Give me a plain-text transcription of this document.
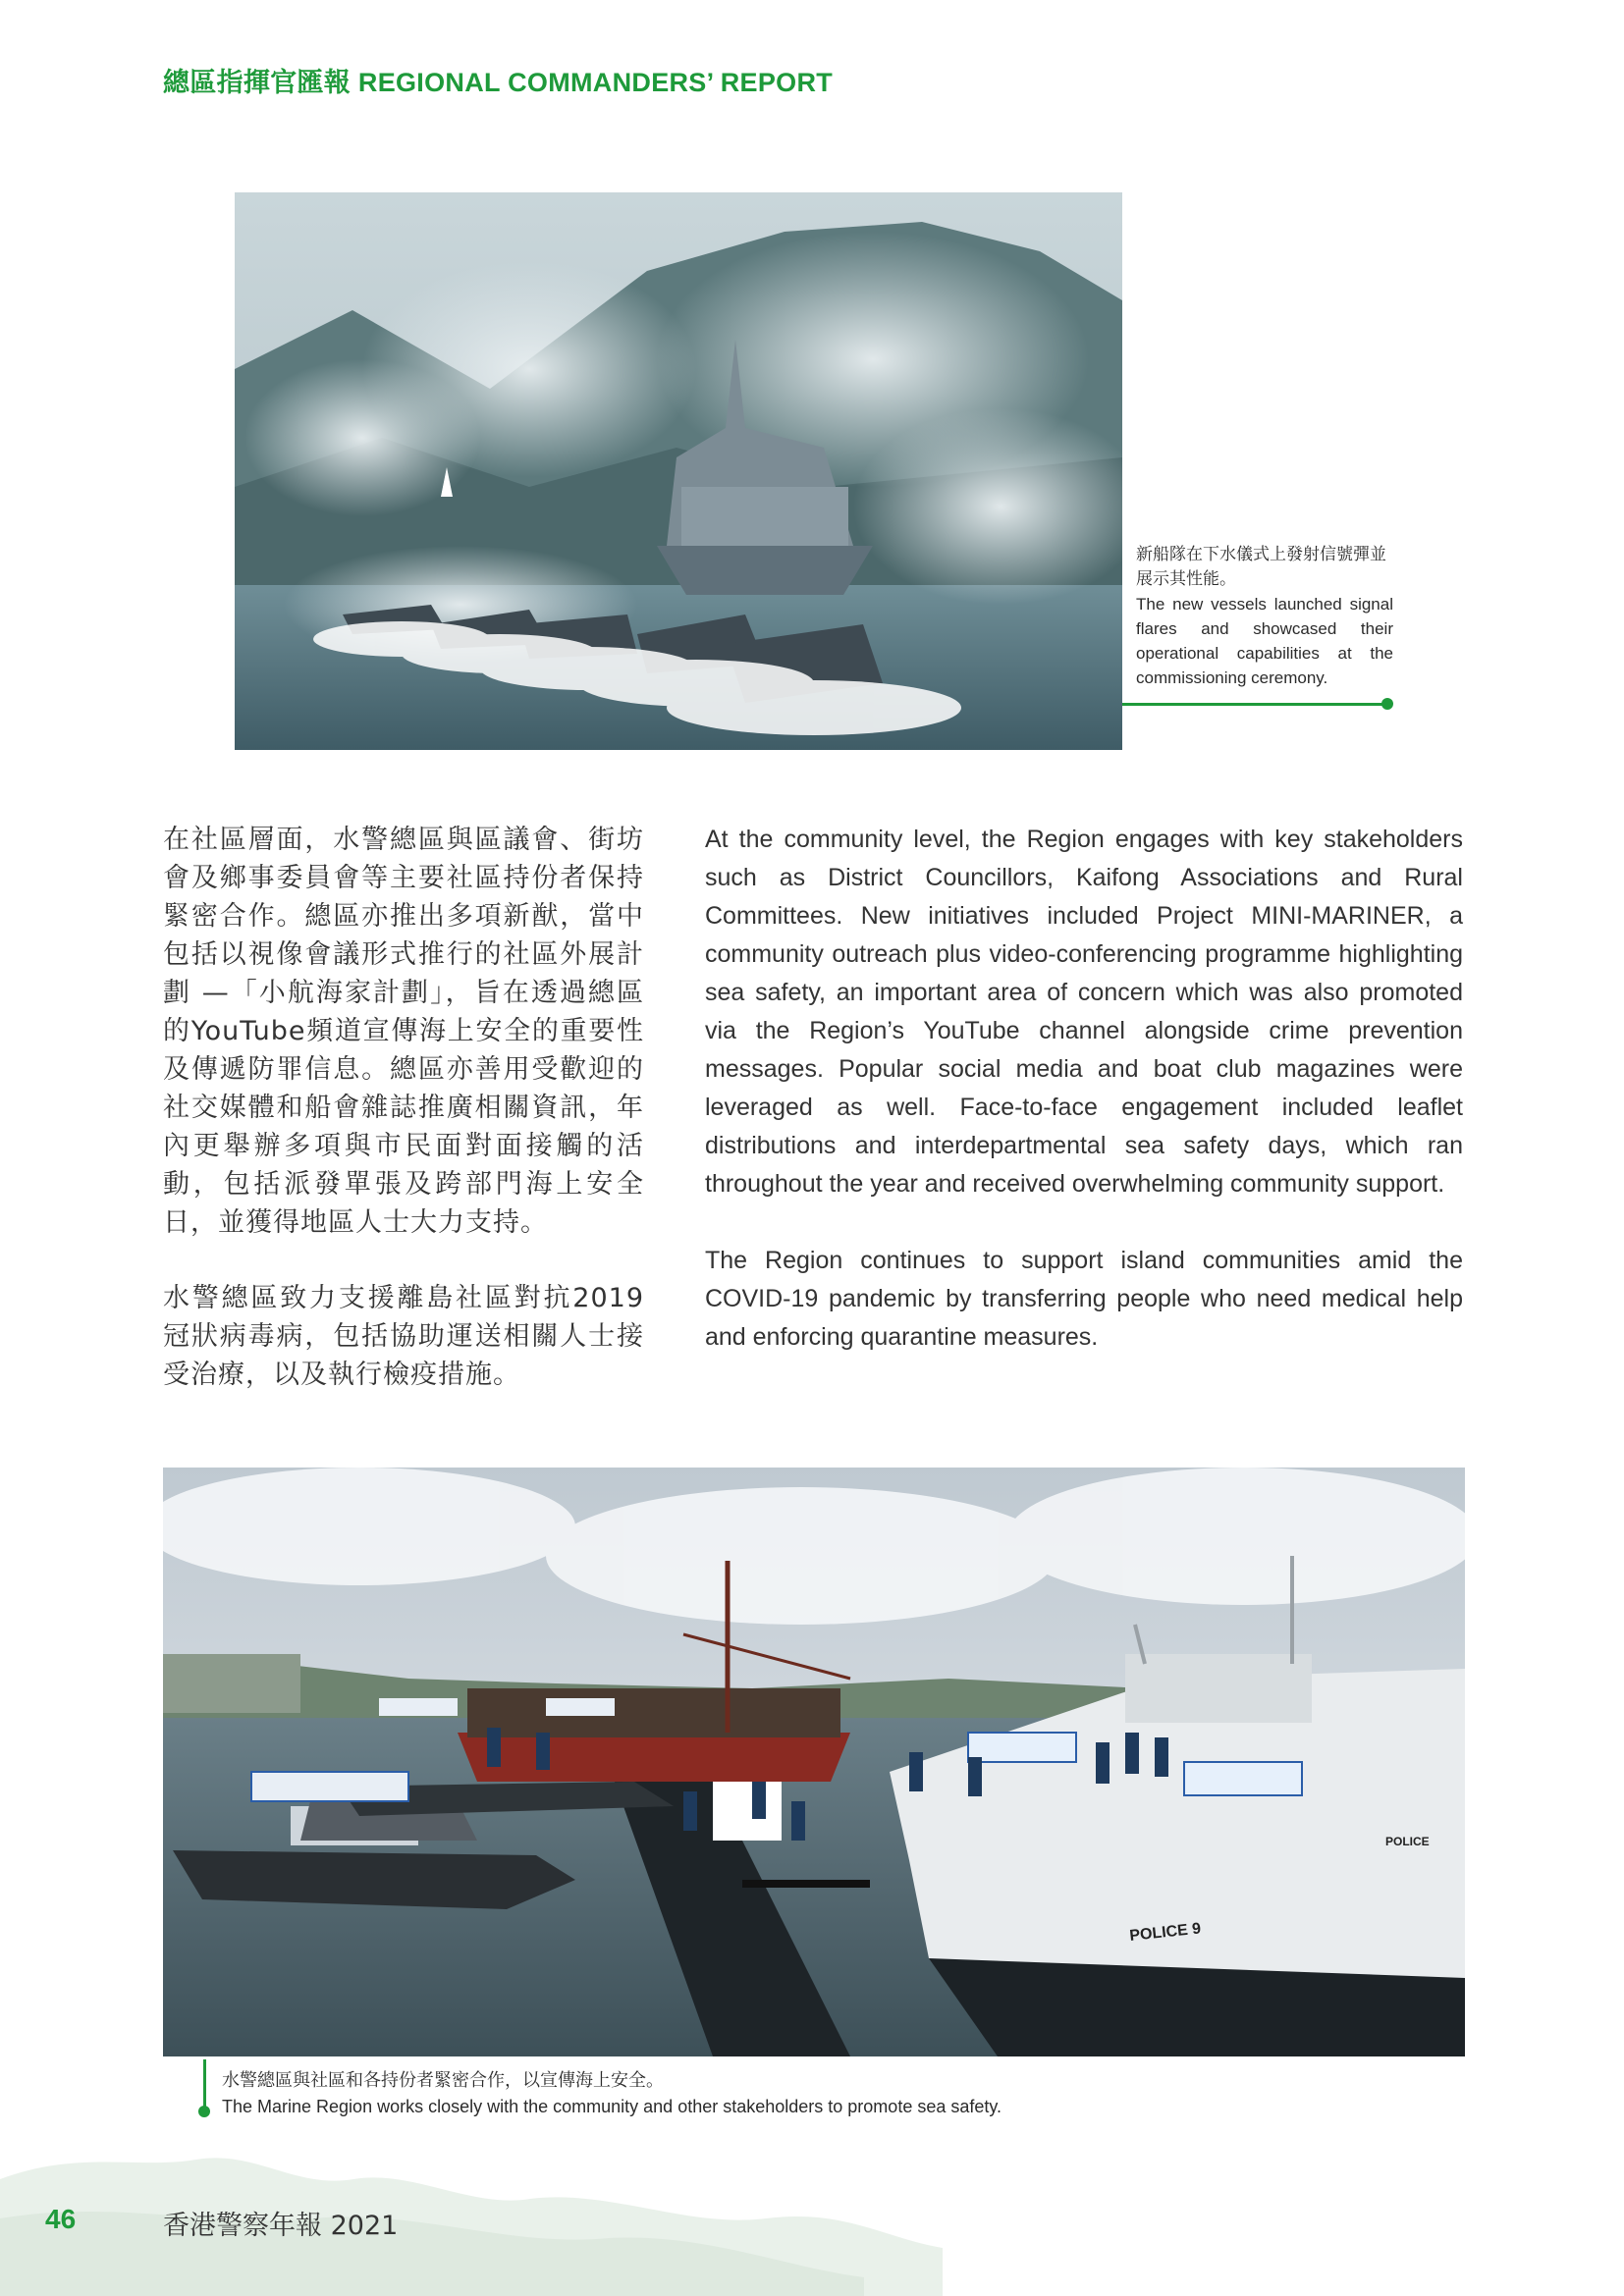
總區指揮官匯報 REGIONAL COMMANDERS’ REPORT
新船隊在下水儀式上發射信號彈並展示其性能。
The new vessels launched signal flares and showcased their operational capabilities at the commissioning ceremony.

在社區層面，水警總區與區議會、街坊會及鄉事委員會等主要社區持份者保持緊密合作。總區亦推出多項新猷，當中包括以視像會議形式推行的社區外展計劃 —「小航海家計劃」，旨在透過總區的YouTube頻道宣傳海上安全的重要性及傳遞防罪信息。總區亦善用受歡迎的社交媒體和船會雜誌推廣相關資訊，年內更舉辦多項與市民面對面接觸的活動，包括派發單張及跨部門海上安全日，並獲得地區人士大力支持。

水警總區致力支援離島社區對抗2019冠狀病毒病，包括協助運送相關人士接受治療，以及執行檢疫措施。

At the community level, the Region engages with key stakeholders such as District Councillors, Kaifong Associations and Rural Committees. New initiatives included Project MINI-MARINER, a community outreach plus video-conferencing programme highlighting sea safety, an important area of concern which was also promoted via the Region’s YouTube channel alongside crime prevention messages. Popular social media and boat club magazines were leveraged as well. Face-to-face engagement included leaflet distributions and interdepartmental sea safety days, which ran throughout the year and received overwhelming community support.

The Region continues to support island communities amid the COVID-19 pandemic by transferring people who need medical help and enforcing quarantine measures.

POLICE 9
POLICE
水警總區與社區和各持份者緊密合作，以宣傳海上安全。
The Marine Region works closely with the community and other stakeholders to promote sea safety.
46	香港警察年報 2021
